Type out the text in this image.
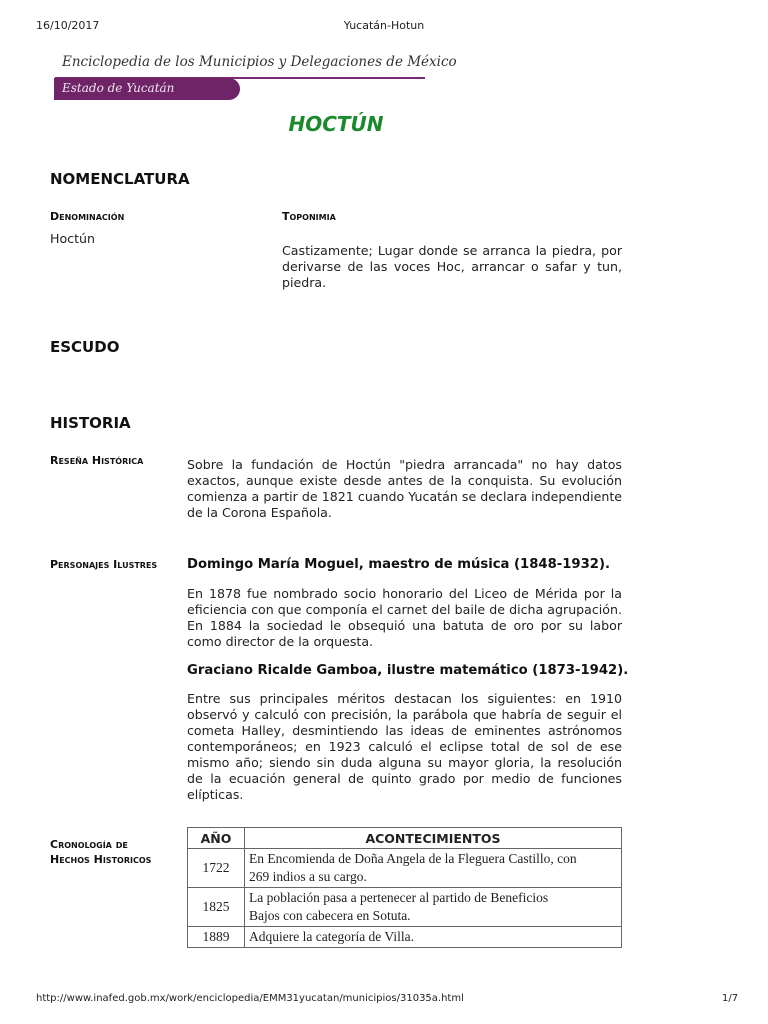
16/10/2017	Yucatán-Hotun
Enciclopedia de los Municipios y Delegaciones de México
Estado de Yucatán
HOCTÚN
NOMENCLATURA
Denominación
Hoctún
Toponimia
Castizamente; Lugar donde se arranca la piedra, por
derivarse de las voces Hoc, arrancar o safar y tun,
piedra.
ESCUDO
HISTORIA
Reseña Histórica	Sobre la fundación de Hoctún "piedra arrancada" no hay datos
exactos, aunque existe desde antes de la conquista. Su evolución
comienza a partir de 1821 cuando Yucatán se declara independiente
de la Corona Española.
Personajes Ilustres Domingo María Moguel, maestro de música (1848-1932).
En 1878 fue nombrado socio honorario del Liceo de Mérida por la
eficiencia con que componía el carnet del baile de dicha agrupación.
En 1884 la sociedad le obsequió una batuta de oro por su labor
como director de la orquesta.
Graciano Ricalde Gamboa, ilustre matemático (1873-1942).
Entre sus principales méritos destacan los siguientes: en 1910
observó y calculó con precisión, la parábola que habría de seguir el
cometa Halley, desmintiendo las ideas de eminentes astrónomos
contemporáneos; en 1923 calculó el eclipse total de sol de ese
mismo año; siendo sin duda alguna su mayor gloria, la resolución
de la ecuación general de quinto grado por medio de funciones
elípticas.
Cronología de
Hechos Historicos
AÑO	ACONTECIMIENTOS
1722	En Encomienda de Doña Angela de la Fleguera Castillo, con
269 indios a su cargo.

1825	La población pasa a pertenecer al partido de Beneficios
Bajos con cabecera en Sotuta.

1889	Adquiere la categoría de Villa.
http://www.inafed.gob.mx/work/enciclopedia/EMM31yucatan/municipios/31035a.html	1/7
